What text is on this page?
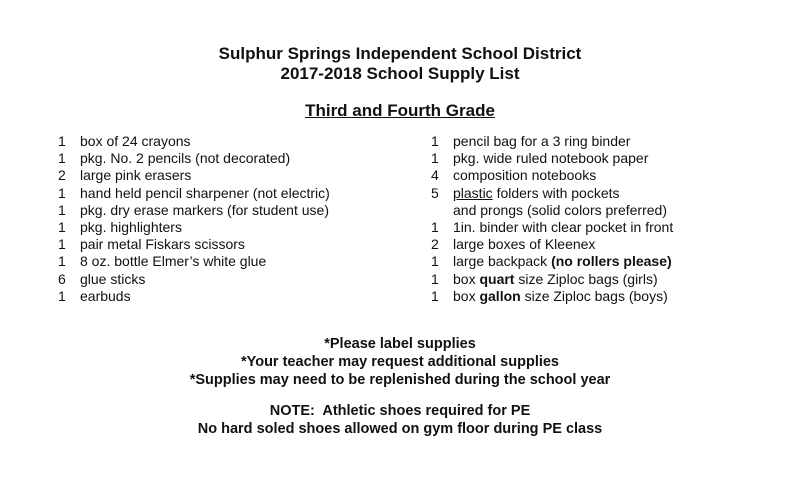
Sulphur Springs Independent School District
2017-2018 School Supply List
Third and Fourth Grade
1	box of 24 crayons
1	pkg. No. 2 pencils (not decorated)
2	large pink erasers
1	hand held pencil sharpener (not electric)
1	pkg. dry erase markers (for student use)
1	pkg. highlighters
1	pair metal Fiskars scissors
1	8 oz. bottle Elmer’s white glue
6	glue sticks
1	earbuds
1	pencil bag for a 3 ring binder
1	pkg. wide ruled notebook paper
4	composition notebooks
5	plastic folders with pockets
and prongs (solid colors preferred)
1	1in. binder with clear pocket in front
2	large boxes of Kleenex
1	large backpack (no rollers please)
1	box quart size Ziploc bags (girls)
1	box gallon size Ziploc bags (boys)
*Please label supplies
*Your teacher may request additional supplies
*Supplies may need to be replenished during the school year
NOTE:  Athletic shoes required for PE
No hard soled shoes allowed on gym floor during PE class
